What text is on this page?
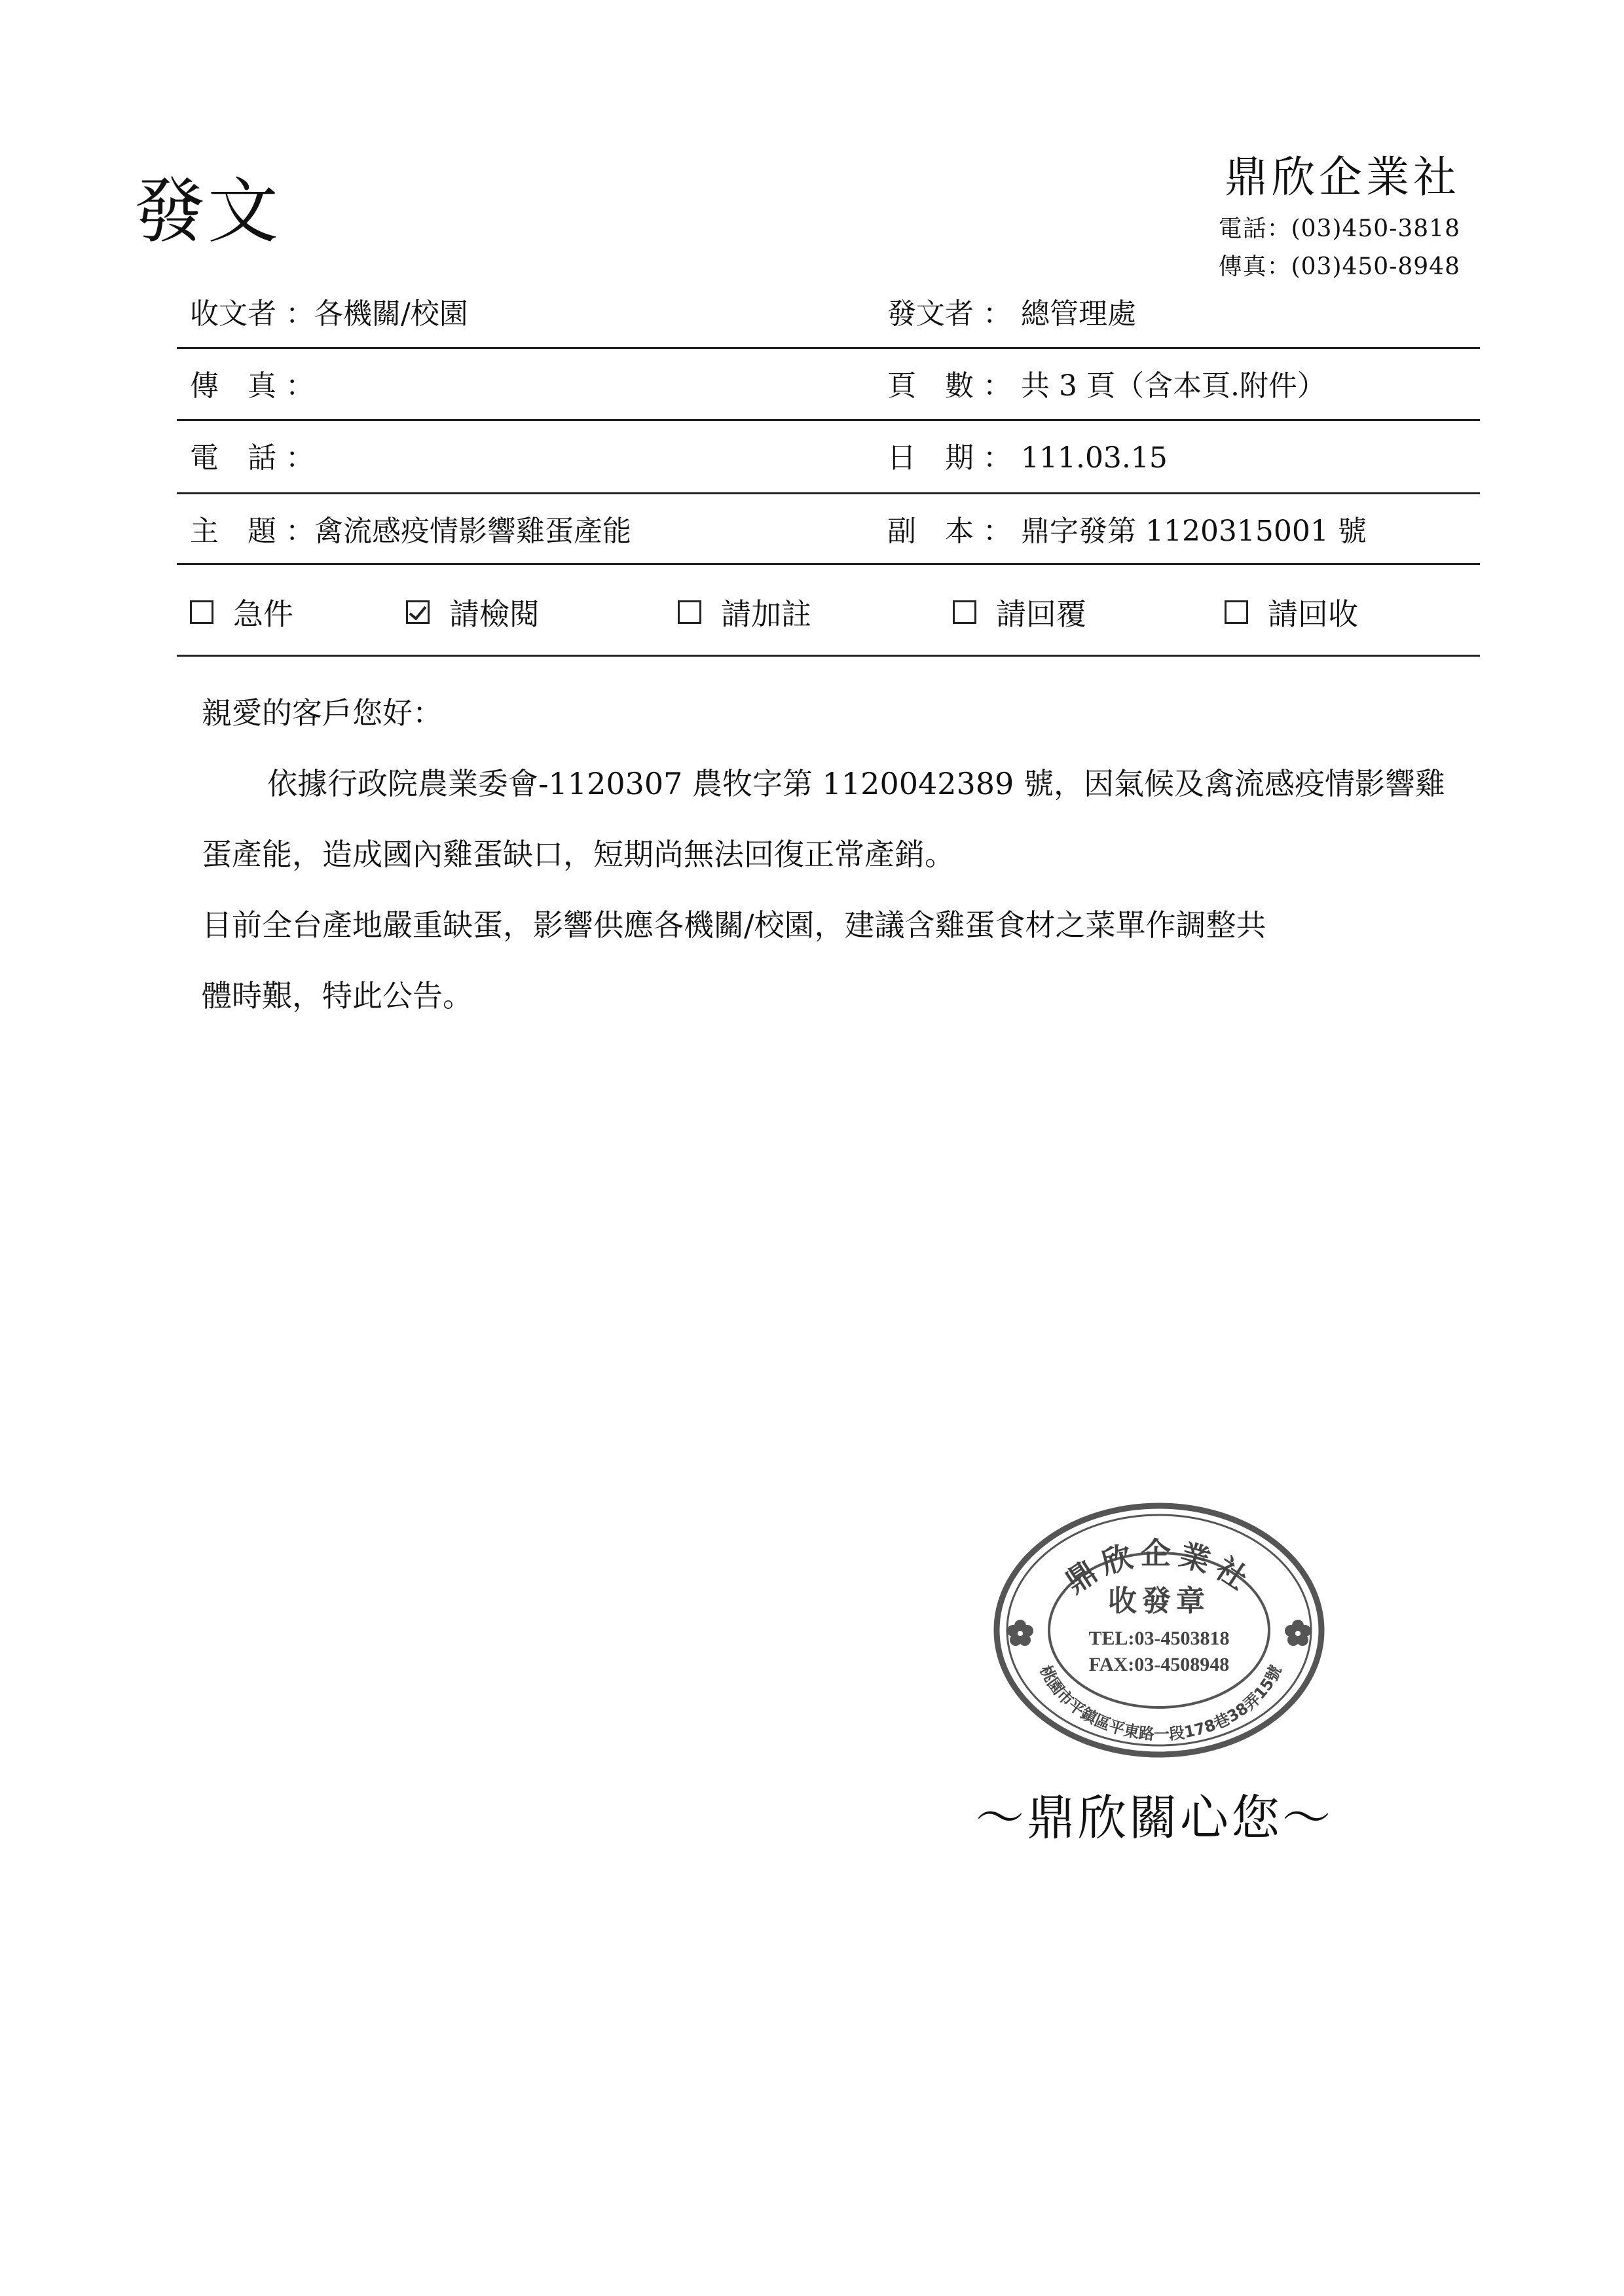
發文	鼎欣企業社
電話：(03)450-3818
傳真：(03)450-8948
收文者 ：各機關/校園	發文者 ： 總管理處
傳　真 ：	頁　數 ： 共 3 頁（含本頁.附件）
電　話 ：	日　期 ： 111.03.15
主　題 ：禽流感疫情影響雞蛋產能	副　本 ： 鼎字發第 1120315001 號
急件	請檢閱	請加註	請回覆	請回收

親愛的客戶您好：

依據行政院農業委會-1120307 農牧字第 1120042389 號，因氣候及禽流感疫情影響雞蛋產能，造成國內雞蛋缺口，短期尚無法回復正常產銷。

目前全台產地嚴重缺蛋，影響供應各機關/校園，建議含雞蛋食材之菜單作調整共

體時艱，特此公告。

鼎欣企業社
桃園市平鎮區平東路一段178巷38弄15號
收發章
TEL:03-4503818
FAX:03-4508948
～鼎欣關心您～
